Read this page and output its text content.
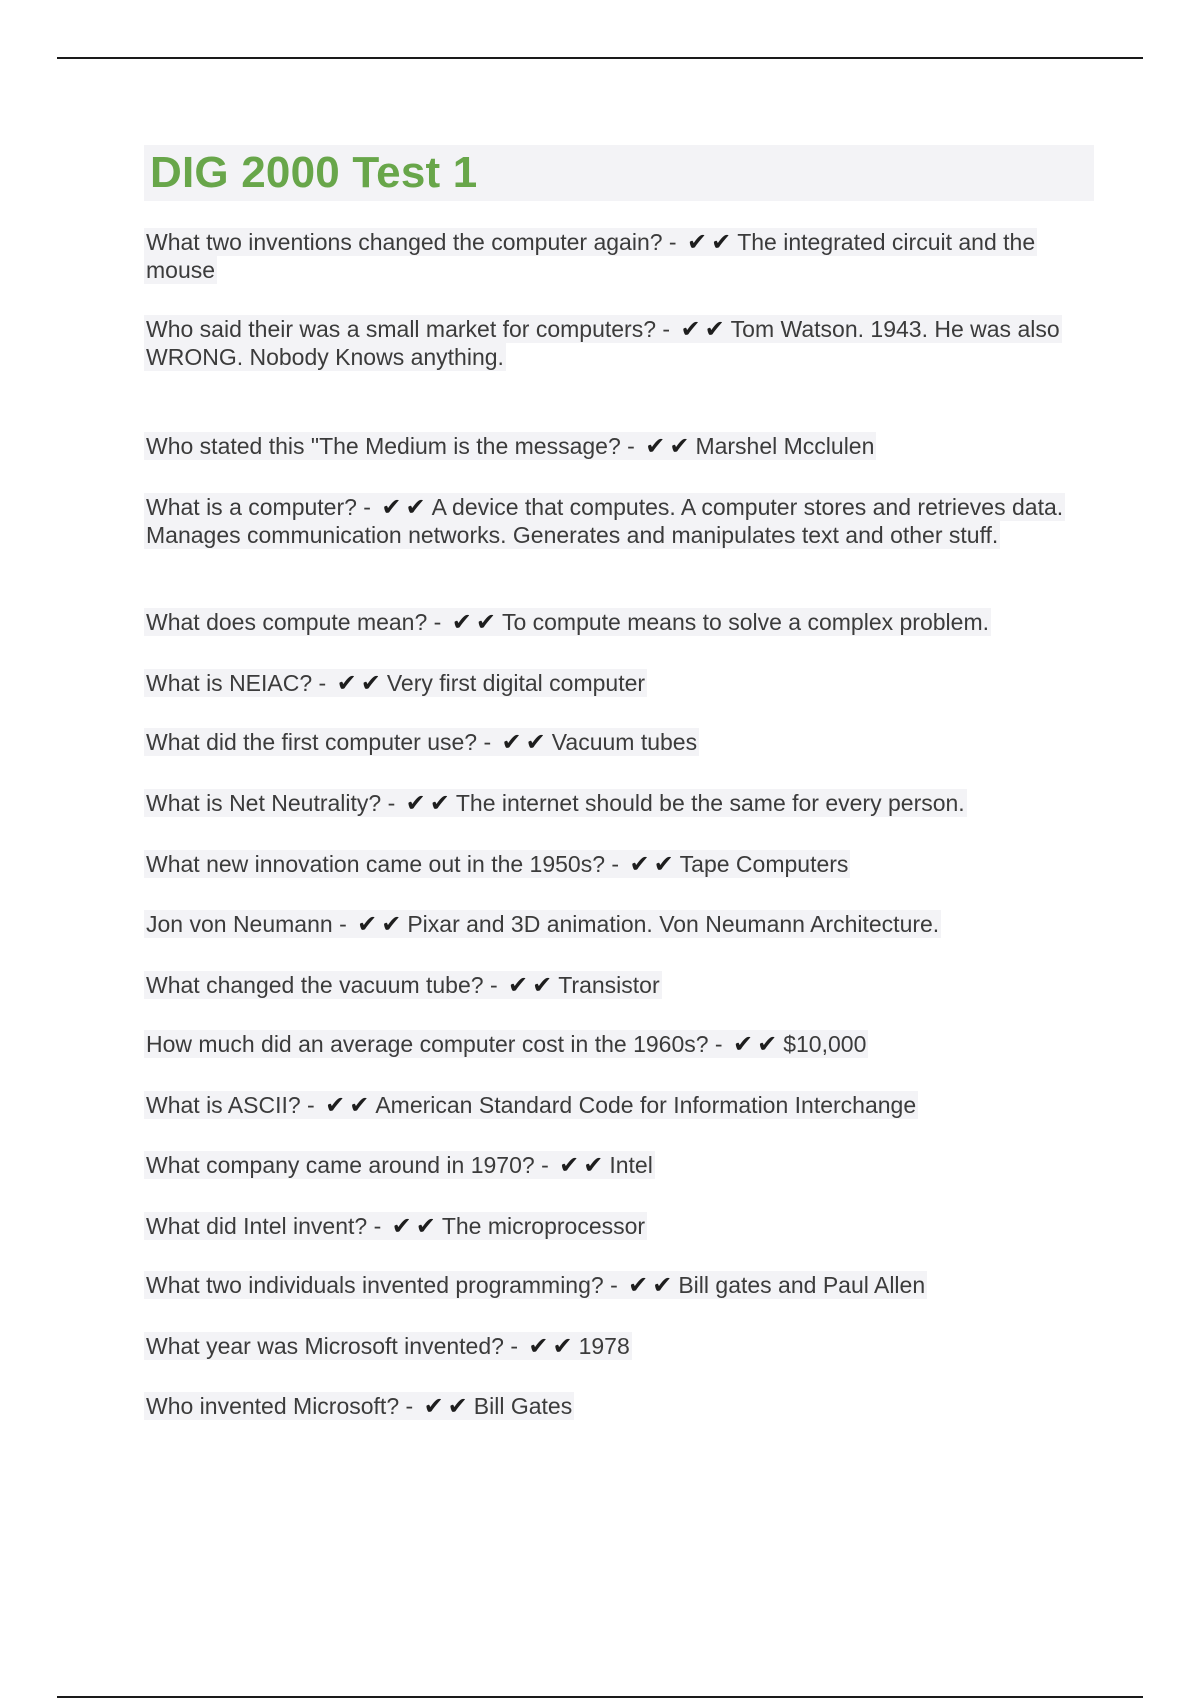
DIG 2000 Test 1
What two inventions changed the computer again? - ✔✔The integrated circuit and the mouse
Who said their was a small market for computers? - ✔✔Tom Watson. 1943. He was also WRONG. Nobody Knows anything.
Who stated this "The Medium is the message? - ✔✔Marshel Mcclulen
What is a computer? - ✔✔A device that computes. A computer stores and retrieves data. Manages communication networks. Generates and manipulates text and other stuff.
What does compute mean? - ✔✔To compute means to solve a complex problem.
What is NEIAC? - ✔✔Very first digital computer
What did the first computer use? - ✔✔Vacuum tubes
What is Net Neutrality? - ✔✔The internet should be the same for every person.
What new innovation came out in the 1950s? - ✔✔Tape Computers
Jon von Neumann - ✔✔Pixar and 3D animation. Von Neumann Architecture.
What changed the vacuum tube? - ✔✔Transistor
How much did an average computer cost in the 1960s? - ✔✔$10,000
What is ASCII? - ✔✔American Standard Code for Information Interchange
What company came around in 1970? - ✔✔Intel
What did Intel invent? - ✔✔The microprocessor
What two individuals invented programming? - ✔✔Bill gates and Paul Allen
What year was Microsoft invented? - ✔✔1978
Who invented Microsoft? - ✔✔Bill Gates
